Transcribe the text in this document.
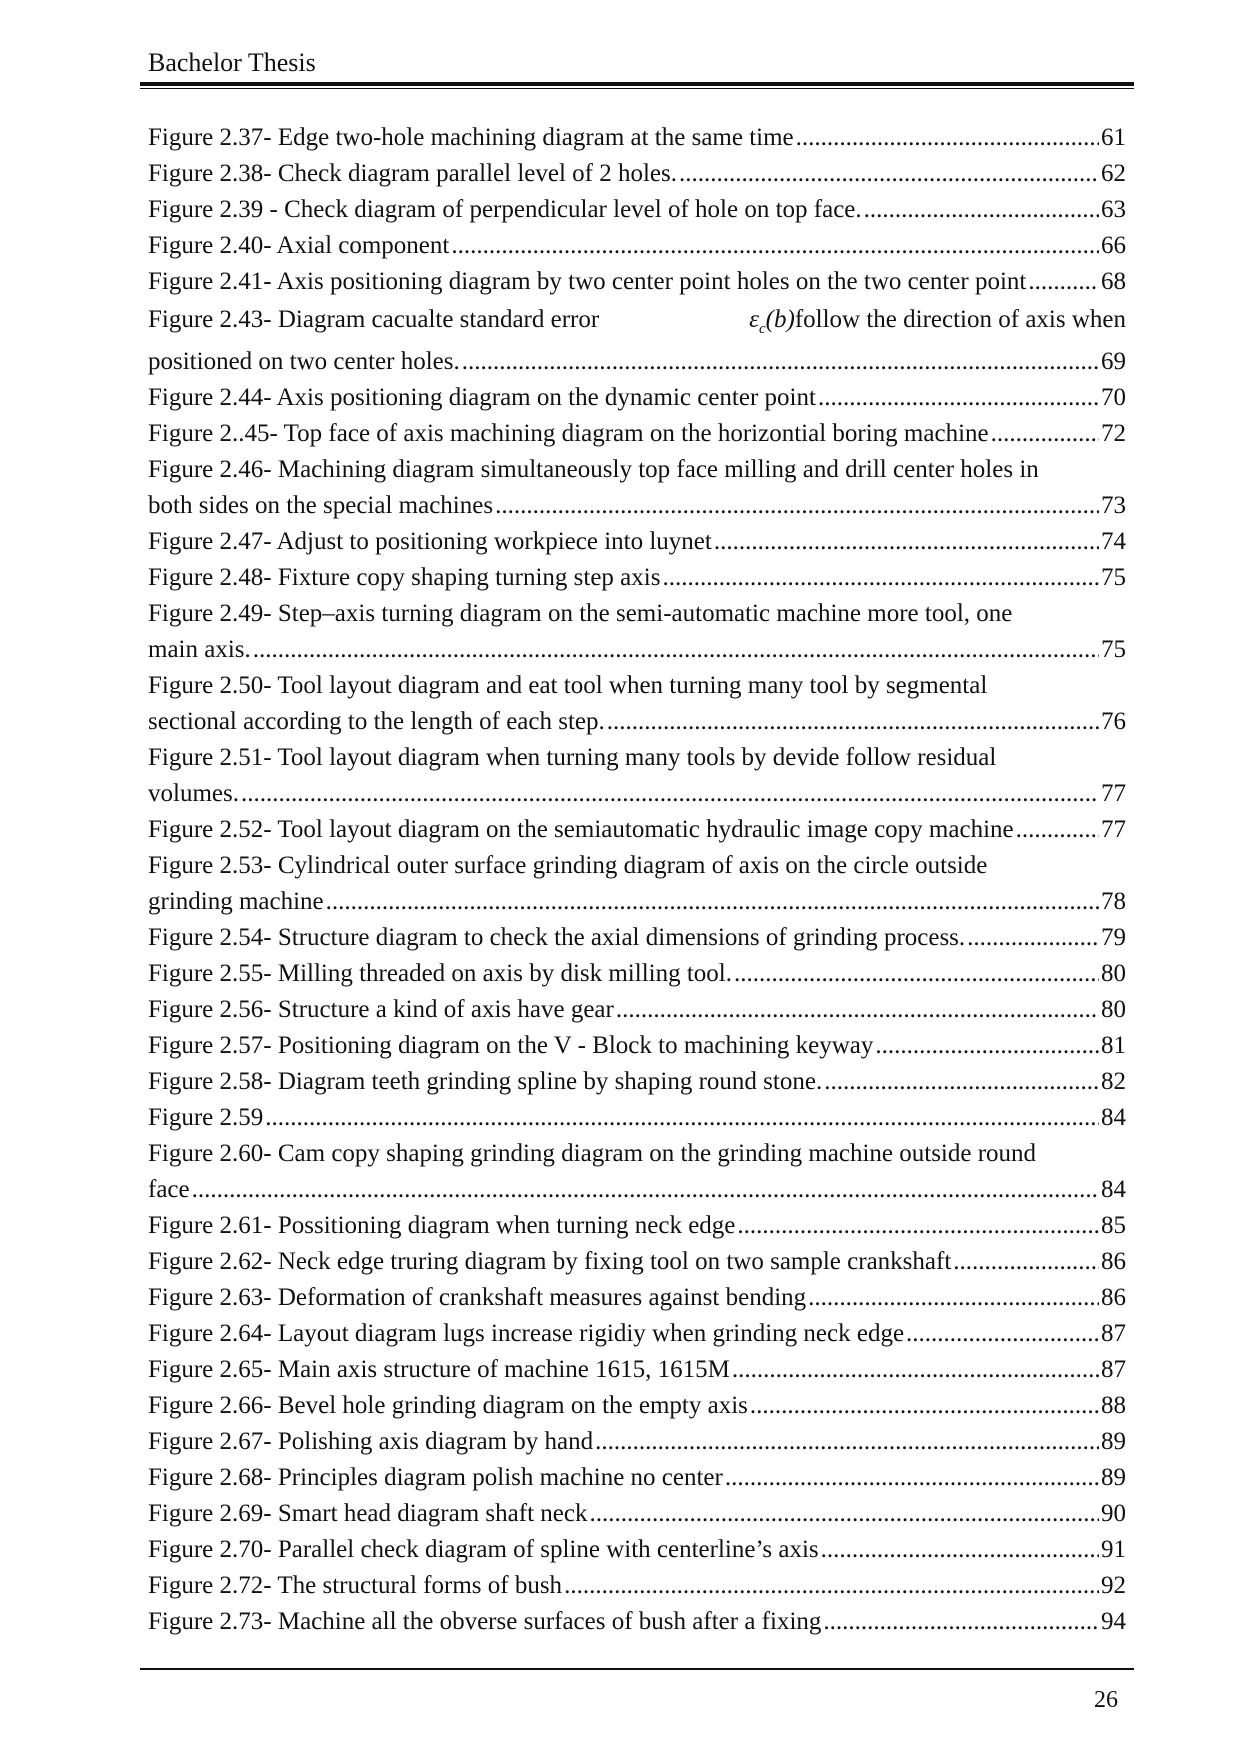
Bachelor Thesis
Figure 2.37- Edge two-hole machining diagram at the same time .....	61
Figure 2.38- Check diagram parallel level of 2 holes. .....	62
Figure 2.39 - Check diagram of perpendicular level of hole on top face. .....	63
Figure 2.40- Axial component .....	66
Figure 2.41- Axis positioning diagram by two center point holes on the two center point .....	68
Figure 2.43- Diagram cacualte standard error	$\varepsilon_c(b)$ follow the direction of axis when
positioned on two center holes. .....	69
Figure 2.44- Axis positioning diagram on the dynamic center point .....	70
Figure 2..45- Top face of axis machining diagram on the horizontial boring machine .....	72
Figure 2.46- Machining diagram simultaneously top face milling and drill center holes in
both sides on the special machines .....	73
Figure 2.47- Adjust to positioning workpiece into luynet .....	74
Figure 2.48- Fixture copy shaping turning step axis .....	75
Figure 2.49- Step–axis turning diagram on the semi-automatic machine more tool, one
main axis. .....	75
Figure 2.50- Tool layout diagram and eat tool when turning many tool by segmental
sectional according to the length of each step. .....	76
Figure 2.51- Tool layout diagram when turning many tools by devide follow residual
volumes. .....	77
Figure 2.52- Tool layout diagram on the semiautomatic hydraulic image copy machine .....	77
Figure 2.53- Cylindrical outer surface grinding diagram of axis on the circle outside
grinding machine .....	78
Figure 2.54- Structure diagram to check the axial dimensions of grinding process. .....	79
Figure 2.55- Milling threaded on axis by disk milling tool. .....	80
Figure 2.56- Structure a kind of axis have gear .....	80
Figure 2.57- Positioning diagram on the V - Block to machining keyway .....	81
Figure 2.58- Diagram teeth grinding spline by shaping round stone. .....	82
Figure 2.59 .....	84
Figure 2.60- Cam copy shaping grinding diagram on the grinding machine outside round
face .....	84
Figure 2.61- Possitioning diagram when turning neck edge .....	85
Figure 2.62- Neck edge truring diagram by fixing tool on two sample crankshaft .....	86
Figure 2.63- Deformation of crankshaft measures against bending .....	86
Figure 2.64- Layout diagram lugs increase rigidiy when grinding neck edge .....	87
Figure 2.65- Main axis structure of machine 1615, 1615M .....	87
Figure 2.66- Bevel hole grinding diagram on the empty axis .....	88
Figure 2.67- Polishing axis diagram by hand .....	89
Figure 2.68- Principles diagram polish machine no center .....	89
Figure 2.69- Smart head diagram shaft neck .....	90
Figure 2.70- Parallel check diagram of spline with centerline’s axis .....	91
Figure 2.72- The structural forms of bush .....	92
Figure 2.73- Machine all the obverse surfaces of bush after a fixing .....	94
26
